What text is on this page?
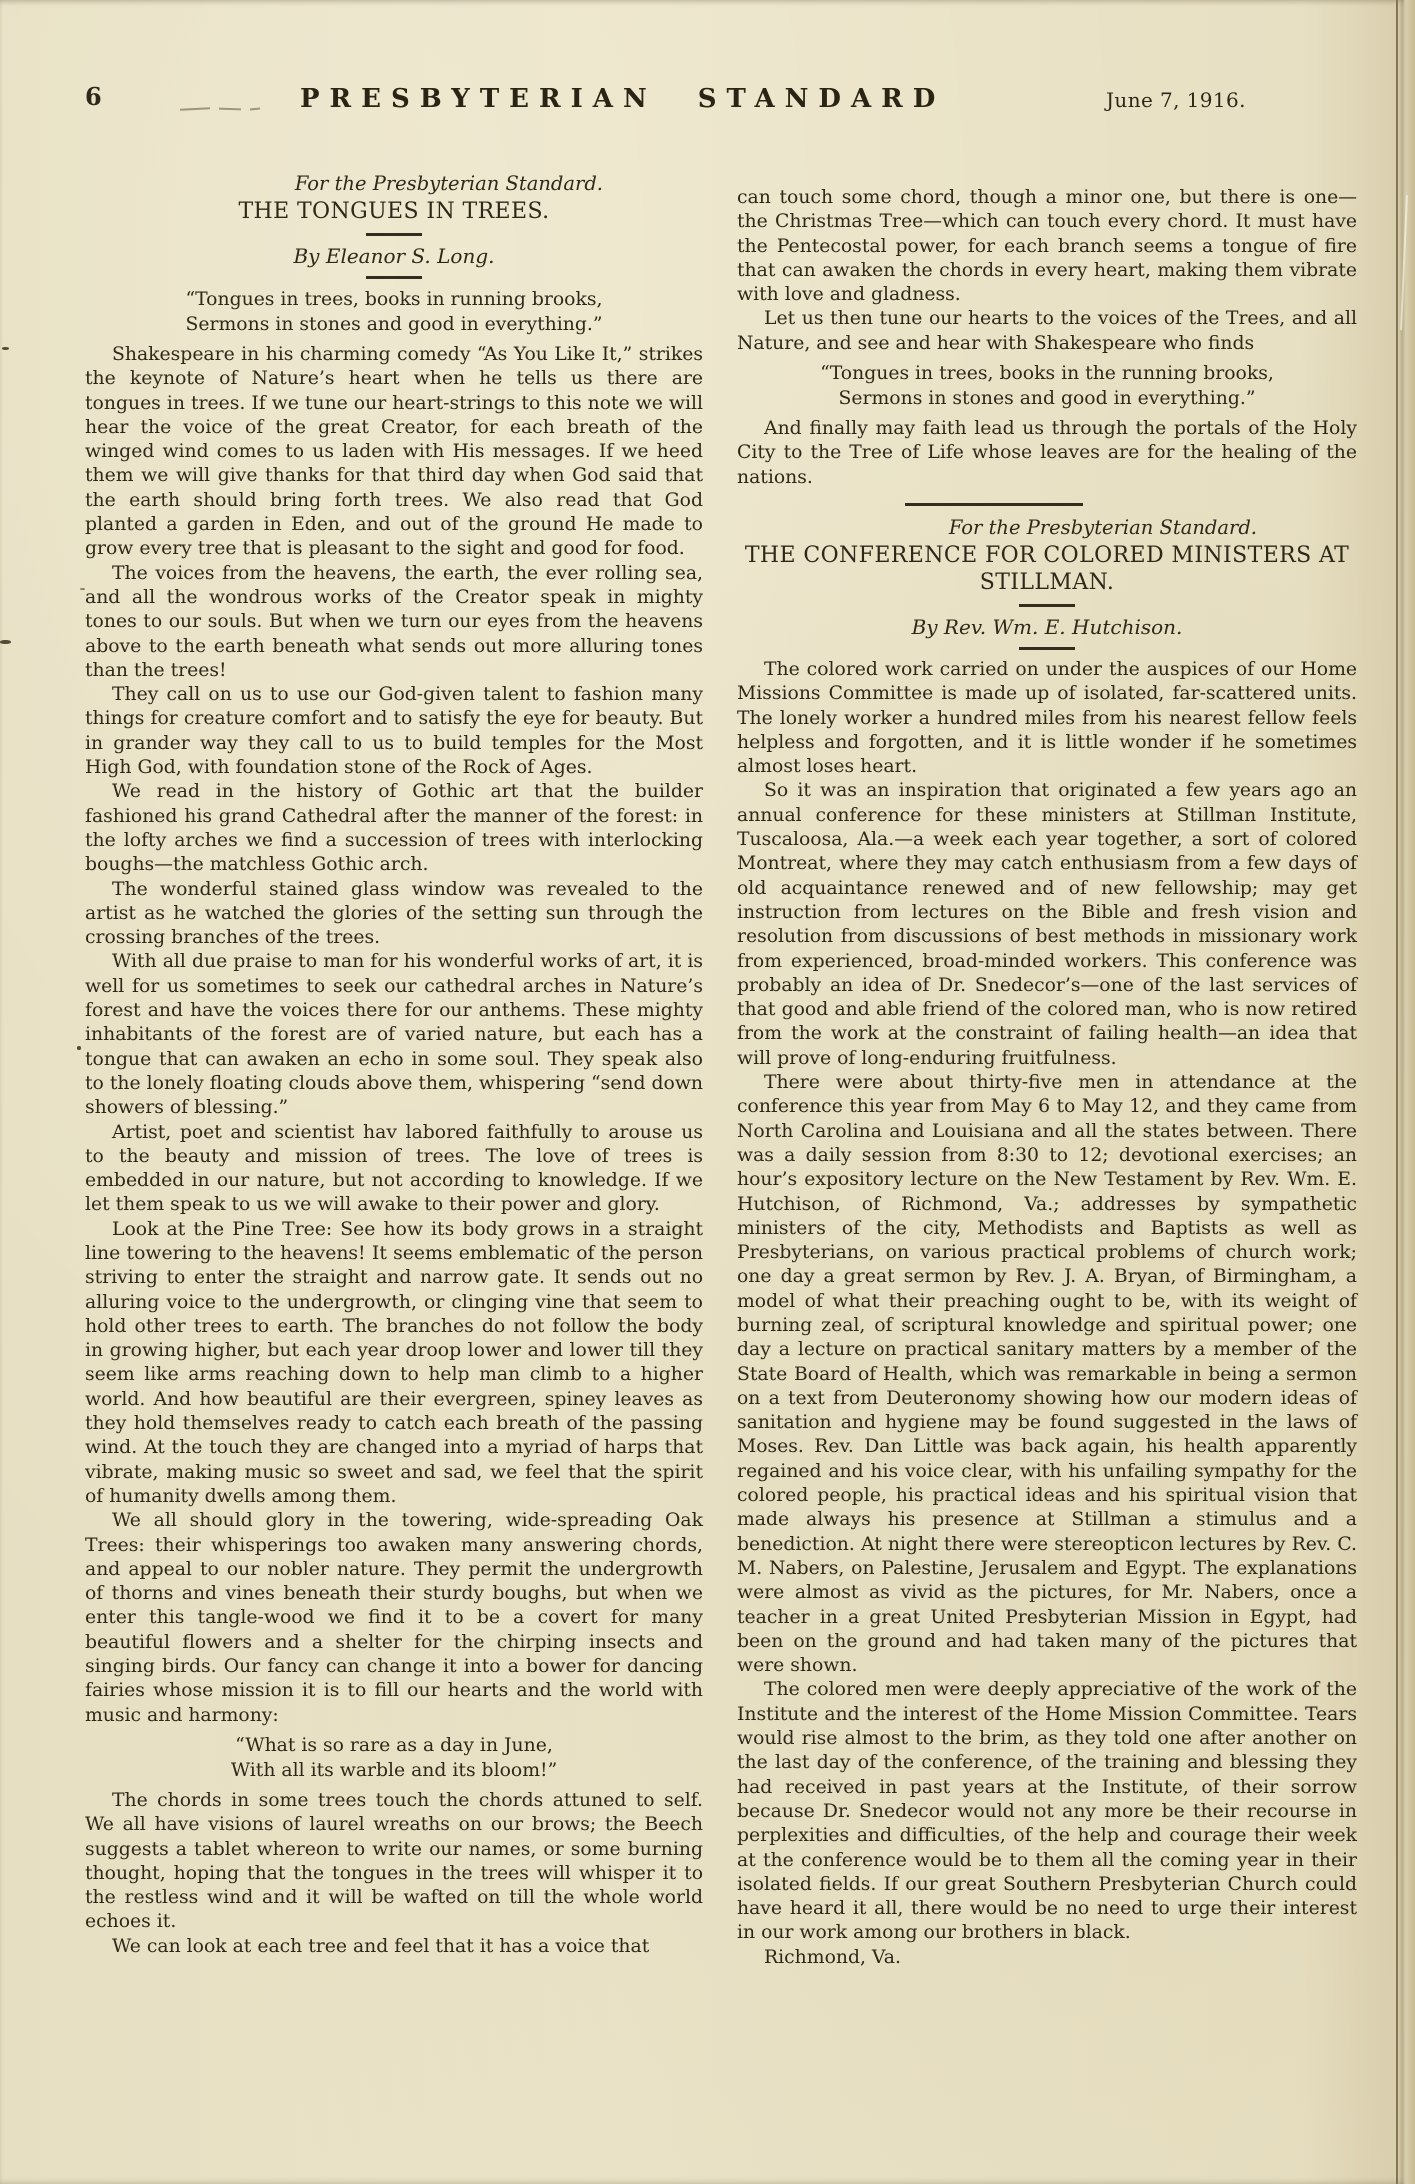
6	PRESBYTERIAN STANDARD	June 7, 1916.
For the Presbyterian Standard.
THE TONGUES IN TREES.
By Eleanor S. Long.
“Tongues in trees, books in running brooks,
Sermons in stones and good in everything.”

Shakespeare in his charming comedy “As You Like It,” strikes the keynote of Nature’s heart when he tells us there are tongues in trees. If we tune our heart-strings to this note we will hear the voice of the great Creator, for each breath of the winged wind comes to us laden with His messages. If we heed them we will give thanks for that third day when God said that the earth should bring forth trees. We also read that God planted a garden in Eden, and out of the ground He made to grow every tree that is pleasant to the sight and good for food.

The voices from the heavens, the earth, the ever rolling sea, and all the wondrous works of the Creator speak in mighty tones to our souls. But when we turn our eyes from the heavens above to the earth beneath what sends out more alluring tones than the trees!

They call on us to use our God-given talent to fashion many things for creature comfort and to satisfy the eye for beauty. But in grander way they call to us to build temples for the Most High God, with foundation stone of the Rock of Ages.

We read in the history of Gothic art that the builder fashioned his grand Cathedral after the manner of the forest: in the lofty arches we find a succession of trees with interlocking boughs—the matchless Gothic arch.

The wonderful stained glass window was revealed to the artist as he watched the glories of the setting sun through the crossing branches of the trees.

With all due praise to man for his wonderful works of art, it is well for us sometimes to seek our cathedral arches in Nature’s forest and have the voices there for our anthems. These mighty inhabitants of the forest are of varied nature, but each has a tongue that can awaken an echo in some soul. They speak also to the lonely floating clouds above them, whispering “send down showers of blessing.”

Artist, poet and scientist hav labored faithfully to arouse us to the beauty and mission of trees. The love of trees is embedded in our nature, but not according to knowledge. If we let them speak to us we will awake to their power and glory.

Look at the Pine Tree: See how its body grows in a straight line towering to the heavens! It seems emblematic of the person striving to enter the straight and narrow gate. It sends out no alluring voice to the undergrowth, or clinging vine that seem to hold other trees to earth. The branches do not follow the body in growing higher, but each year droop lower and lower till they seem like arms reaching down to help man climb to a higher world. And how beautiful are their evergreen, spiney leaves as they hold themselves ready to catch each breath of the passing wind. At the touch they are changed into a myriad of harps that vibrate, making music so sweet and sad, we feel that the spirit of humanity dwells among them.

We all should glory in the towering, wide-spreading Oak Trees: their whisperings too awaken many answering chords, and appeal to our nobler nature. They permit the undergrowth of thorns and vines beneath their sturdy boughs, but when we enter this tangle-wood we find it to be a covert for many beautiful flowers and a shelter for the chirping insects and singing birds. Our fancy can change it into a bower for dancing fairies whose mission it is to fill our hearts and the world with music and harmony:

“What is so rare as a day in June,
With all its warble and its bloom!”

The chords in some trees touch the chords attuned to self. We all have visions of laurel wreaths on our brows; the Beech suggests a tablet whereon to write our names, or some burning thought, hoping that the tongues in the trees will whisper it to the restless wind and it will be wafted on till the whole world echoes it.

We can look at each tree and feel that it has a voice that

can touch some chord, though a minor one, but there is one—the Christmas Tree—which can touch every chord. It must have the Pentecostal power, for each branch seems a tongue of fire that can awaken the chords in every heart, making them vibrate with love and gladness.

Let us then tune our hearts to the voices of the Trees, and all Nature, and see and hear with Shakespeare who finds

“Tongues in trees, books in the running brooks,
Sermons in stones and good in everything.”

And finally may faith lead us through the portals of the Holy City to the Tree of Life whose leaves are for the healing of the nations.

For the Presbyterian Standard.
THE CONFERENCE FOR COLORED MINISTERS AT STILLMAN.
By Rev. Wm. E. Hutchison.

The colored work carried on under the auspices of our Home Missions Committee is made up of isolated, far-scattered units. The lonely worker a hundred miles from his nearest fellow feels helpless and forgotten, and it is little wonder if he sometimes almost loses heart.

So it was an inspiration that originated a few years ago an annual conference for these ministers at Stillman Institute, Tuscaloosa, Ala.—a week each year together, a sort of colored Montreat, where they may catch enthusiasm from a few days of old acquaintance renewed and of new fellowship; may get instruction from lectures on the Bible and fresh vision and resolution from discussions of best methods in missionary work from experienced, broad-minded workers. This conference was probably an idea of Dr. Snedecor’s—one of the last services of that good and able friend of the colored man, who is now retired from the work at the constraint of failing health—an idea that will prove of long-enduring fruitfulness.

There were about thirty-five men in attendance at the conference this year from May 6 to May 12, and they came from North Carolina and Louisiana and all the states between. There was a daily session from 8:30 to 12; devotional exercises; an hour’s expository lecture on the New Testament by Rev. Wm. E. Hutchison, of Richmond, Va.; addresses by sympathetic ministers of the city, Methodists and Baptists as well as Presbyterians, on various practical problems of church work; one day a great sermon by Rev. J. A. Bryan, of Birmingham, a model of what their preaching ought to be, with its weight of burning zeal, of scriptural knowledge and spiritual power; one day a lecture on practical sanitary matters by a member of the State Board of Health, which was remarkable in being a sermon on a text from Deuteronomy showing how our modern ideas of sanitation and hygiene may be found suggested in the laws of Moses. Rev. Dan Little was back again, his health apparently regained and his voice clear, with his unfailing sympathy for the colored people, his practical ideas and his spiritual vision that made always his presence at Stillman a stimulus and a benediction. At night there were stereopticon lectures by Rev. C. M. Nabers, on Palestine, Jerusalem and Egypt. The explanations were almost as vivid as the pictures, for Mr. Nabers, once a teacher in a great United Presbyterian Mission in Egypt, had been on the ground and had taken many of the pictures that were shown.

The colored men were deeply appreciative of the work of the Institute and the interest of the Home Mission Committee. Tears would rise almost to the brim, as they told one after another on the last day of the conference, of the training and blessing they had received in past years at the Institute, of their sorrow because Dr. Snedecor would not any more be their recourse in perplexities and difficulties, of the help and courage their week at the conference would be to them all the coming year in their isolated fields. If our great Southern Presbyterian Church could have heard it all, there would be no need to urge their interest in our work among our brothers in black.

Richmond, Va.
